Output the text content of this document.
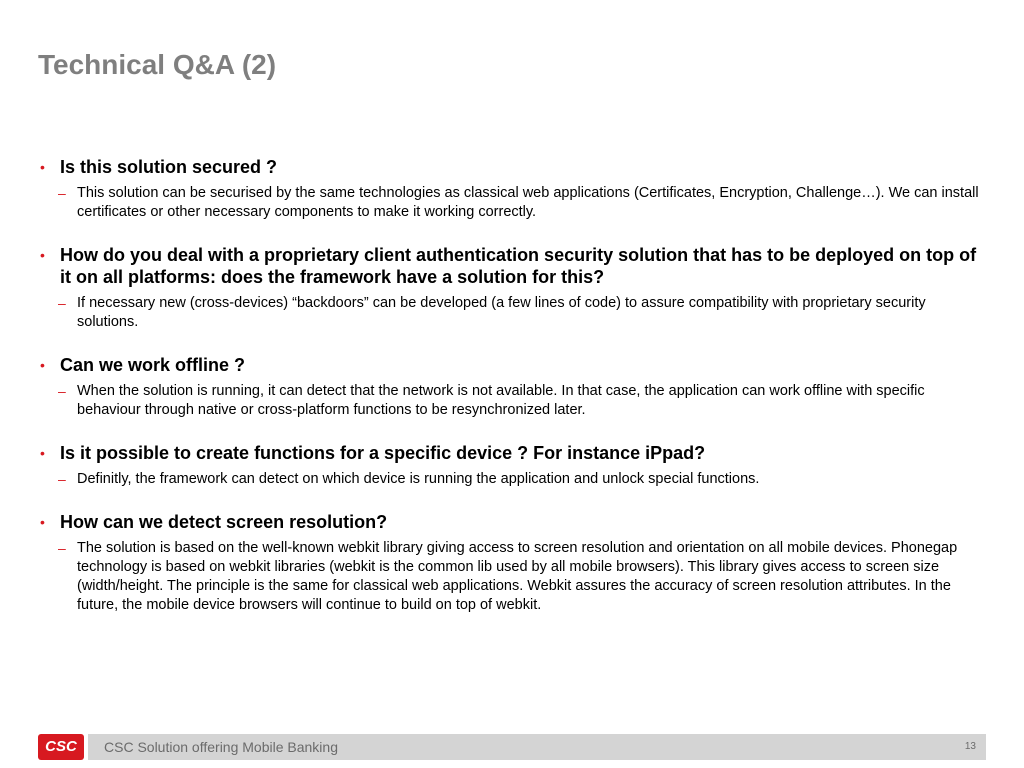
Technical Q&A (2)
• Is this solution secured ?
– This solution can be securised by the same technologies as classical web applications (Certificates, Encryption, Challenge…). We can install certificates or other necessary components to make it working correctly.
• How do you deal with a proprietary client authentication security solution that has to be deployed on top of it on all platforms: does the framework have a solution for this?
– If necessary new (cross-devices) “backdoors” can be developed (a few lines of code) to assure compatibility with proprietary security solutions.
• Can we work offline ?
– When the solution is running, it can detect that the network is not available. In that case, the application can work offline with specific behaviour through native or cross-platform functions to be resynchronized later.
• Is it possible to create functions for a specific device ? For instance iPpad?
– Definitly, the framework can detect on which device is running the application and unlock special functions.
• How can we detect screen resolution?
– The solution is based on the well-known webkit library giving access to screen resolution and orientation on all mobile devices. Phonegap technology is based on webkit libraries (webkit is the common lib used by all mobile browsers). This library gives access to screen size (width/height. The principle is the same for classical web applications. Webkit assures the accuracy of screen resolution attributes. In the future, the mobile device browsers will continue to build on top of webkit.
CSC	CSC Solution offering Mobile Banking	13
